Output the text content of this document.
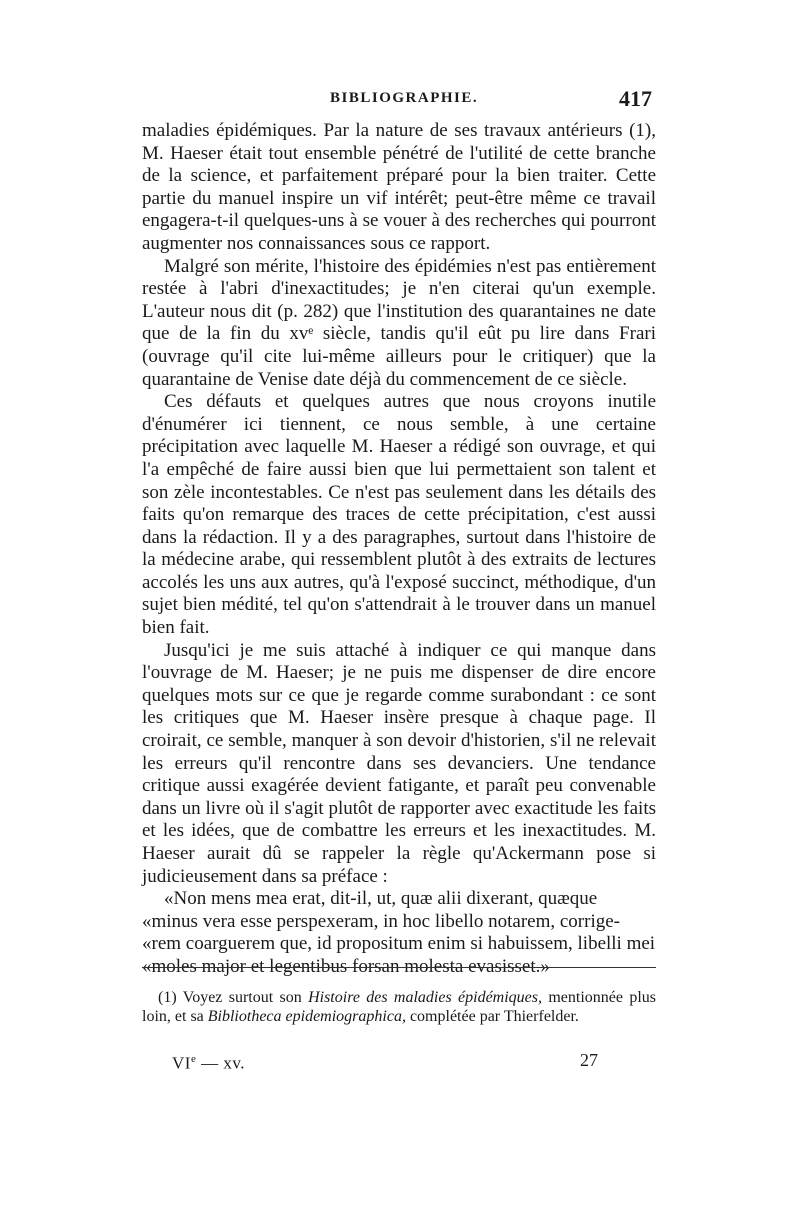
BIBLIOGRAPHIE.	417

maladies épidémiques. Par la nature de ses travaux antérieurs (1), M. Haeser était tout ensemble pénétré de l'utilité de cette branche de la science, et parfaitement préparé pour la bien traiter. Cette partie du manuel inspire un vif intérêt; peut-être même ce travail engagera-t-il quelques-uns à se vouer à des recherches qui pourront augmenter nos connaissances sous ce rapport.

Malgré son mérite, l'histoire des épidémies n'est pas entièrement restée à l'abri d'inexactitudes; je n'en citerai qu'un exemple. L'auteur nous dit (p. 282) que l'institution des quarantaines ne date que de la fin du xvᵉ siècle, tandis qu'il eût pu lire dans Frari (ouvrage qu'il cite lui-même ailleurs pour le critiquer) que la quarantaine de Venise date déjà du commencement de ce siècle.

Ces défauts et quelques autres que nous croyons inutile d'énumérer ici tiennent, ce nous semble, à une certaine précipitation avec laquelle M. Haeser a rédigé son ouvrage, et qui l'a empêché de faire aussi bien que lui permettaient son talent et son zèle incontestables. Ce n'est pas seulement dans les détails des faits qu'on remarque des traces de cette précipitation, c'est aussi dans la rédaction. Il y a des paragraphes, surtout dans l'histoire de la médecine arabe, qui ressemblent plutôt à des extraits de lectures accolés les uns aux autres, qu'à l'exposé succinct, méthodique, d'un sujet bien médité, tel qu'on s'attendrait à le trouver dans un manuel bien fait.

Jusqu'ici je me suis attaché à indiquer ce qui manque dans l'ouvrage de M. Haeser; je ne puis me dispenser de dire encore quelques mots sur ce que je regarde comme surabondant : ce sont les critiques que M. Haeser insère presque à chaque page. Il croirait, ce semble, manquer à son devoir d'historien, s'il ne relevait les erreurs qu'il rencontre dans ses devanciers. Une tendance critique aussi exagérée devient fatigante, et paraît peu convenable dans un livre où il s'agit plutôt de rapporter avec exactitude les faits et les idées, que de combattre les erreurs et les inexactitudes. M. Haeser aurait dû se rappeler la règle qu'Ackermann pose si judicieusement dans sa préface :

«Non mens mea erat, dit-il, ut, quæ alii dixerant, quæque

«minus vera esse perspexeram, in hoc libello notarem, corrige-

«rem coarguerem que, id propositum enim si habuissem, libelli mei

«moles major et legentibus forsan molesta evasisset.»

(1) Voyez surtout son Histoire des maladies épidémiques, mentionnée plus loin, et sa Bibliotheca epidemiographica, complétée par Thierfelder.

VIe — xv.	27
